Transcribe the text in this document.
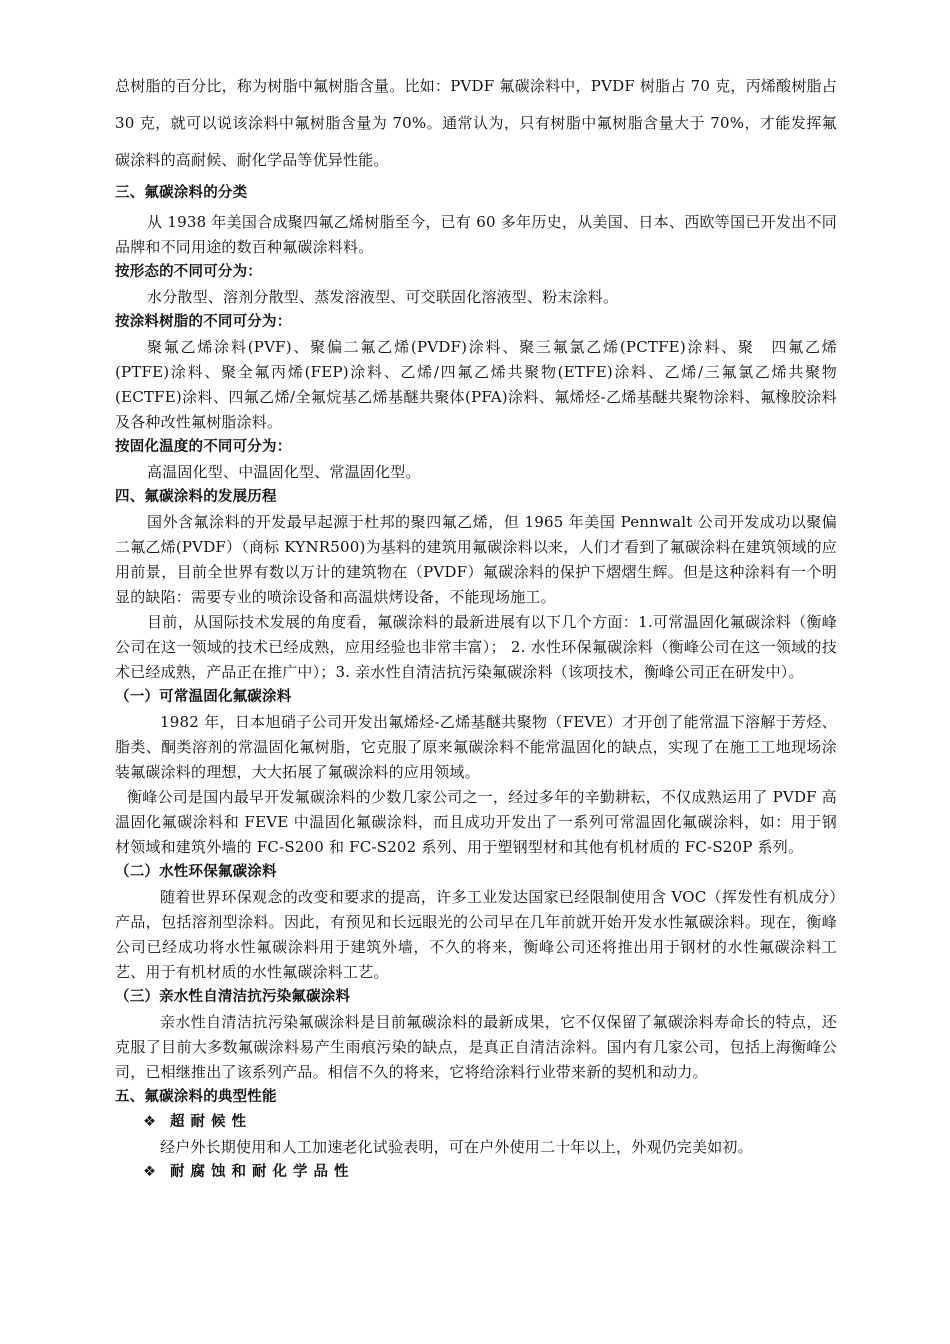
总树脂的百分比，称为树脂中氟树脂含量。比如：PVDF 氟碳涂料中，PVDF 树脂占 70 克，丙烯酸树脂占 30 克，就可以说该涂料中氟树脂含量为 70%。通常认为，只有树脂中氟树脂含量大于 70%，才能发挥氟碳涂料的高耐候、耐化学品等优异性能。

三、氟碳涂料的分类

从 1938 年美国合成聚四氟乙烯树脂至今，已有 60 多年历史，从美国、日本、西欧等国已开发出不同品牌和不同用途的数百种氟碳涂料料。

按形态的不同可分为：

水分散型、溶剂分散型、蒸发溶液型、可交联固化溶液型、粉末涂料。

按涂料树脂的不同可分为：

聚氟乙烯涂料(PVF)、聚偏二氟乙烯(PVDF)涂料、聚三氟氯乙烯(PCTFE)涂料、聚　四氟乙烯(PTFE)涂料、聚全氟丙烯(FEP)涂料、乙烯/四氟乙烯共聚物(ETFE)涂料、乙烯/三氟氯乙烯共聚物(ECTFE)涂料、四氟乙烯/全氟烷基乙烯基醚共聚体(PFA)涂料、氟烯烃-乙烯基醚共聚物涂料、氟橡胶涂料及各种改性氟树脂涂料。

按固化温度的不同可分为：

高温固化型、中温固化型、常温固化型。

四、氟碳涂料的发展历程

国外含氟涂料的开发最早起源于杜邦的聚四氟乙烯，但 1965 年美国 Pennwalt 公司开发成功以聚偏二氟乙烯(PVDF）（商标 KYNR500)为基料的建筑用氟碳涂料以来，人们才看到了氟碳涂料在建筑领域的应用前景，目前全世界有数以万计的建筑物在（PVDF）氟碳涂料的保护下熠熠生辉。但是这种涂料有一个明显的缺陷：需要专业的喷涂设备和高温烘烤设备，不能现场施工。

目前，从国际技术发展的角度看，氟碳涂料的最新进展有以下几个方面：1.可常温固化氟碳涂料（衡峰公司在这一领域的技术已经成熟，应用经验也非常丰富）； 2. 水性环保氟碳涂料（衡峰公司在这一领域的技术已经成熟，产品正在推广中）；3. 亲水性自清洁抗污染氟碳涂料（该项技术，衡峰公司正在研发中）。

（一）可常温固化氟碳涂料

1982 年，日本旭硝子公司开发出氟烯烃-乙烯基醚共聚物（FEVE）才开创了能常温下溶解于芳烃、脂类、酮类溶剂的常温固化氟树脂，它克服了原来氟碳涂料不能常温固化的缺点，实现了在施工工地现场涂装氟碳涂料的理想，大大拓展了氟碳涂料的应用领域。

衡峰公司是国内最早开发氟碳涂料的少数几家公司之一，经过多年的辛勤耕耘，不仅成熟运用了 PVDF 高温固化氟碳涂料和 FEVE 中温固化氟碳涂料，而且成功开发出了一系列可常温固化氟碳涂料，如：用于钢材领域和建筑外墙的 FC-S200 和 FC-S202 系列、用于塑钢型材和其他有机材质的 FC-S20P 系列。

（二）水性环保氟碳涂料

随着世界环保观念的改变和要求的提高，许多工业发达国家已经限制使用含 VOC（挥发性有机成分）产品，包括溶剂型涂料。因此，有预见和长远眼光的公司早在几年前就开始开发水性氟碳涂料。现在，衡峰公司已经成功将水性氟碳涂料用于建筑外墙，不久的将来，衡峰公司还将推出用于钢材的水性氟碳涂料工艺、用于有机材质的水性氟碳涂料工艺。

（三）亲水性自清洁抗污染氟碳涂料

亲水性自清洁抗污染氟碳涂料是目前氟碳涂料的最新成果，它不仅保留了氟碳涂料寿命长的特点，还克服了目前大多数氟碳涂料易产生雨痕污染的缺点，是真正自清洁涂料。国内有几家公司，包括上海衡峰公司，已相继推出了该系列产品。相信不久的将来，它将给涂料行业带来新的契机和动力。

五、氟碳涂料的典型性能

❖ 超耐候性

经户外长期使用和人工加速老化试验表明，可在户外使用二十年以上，外观仍完美如初。

❖ 耐腐蚀和耐化学品性
